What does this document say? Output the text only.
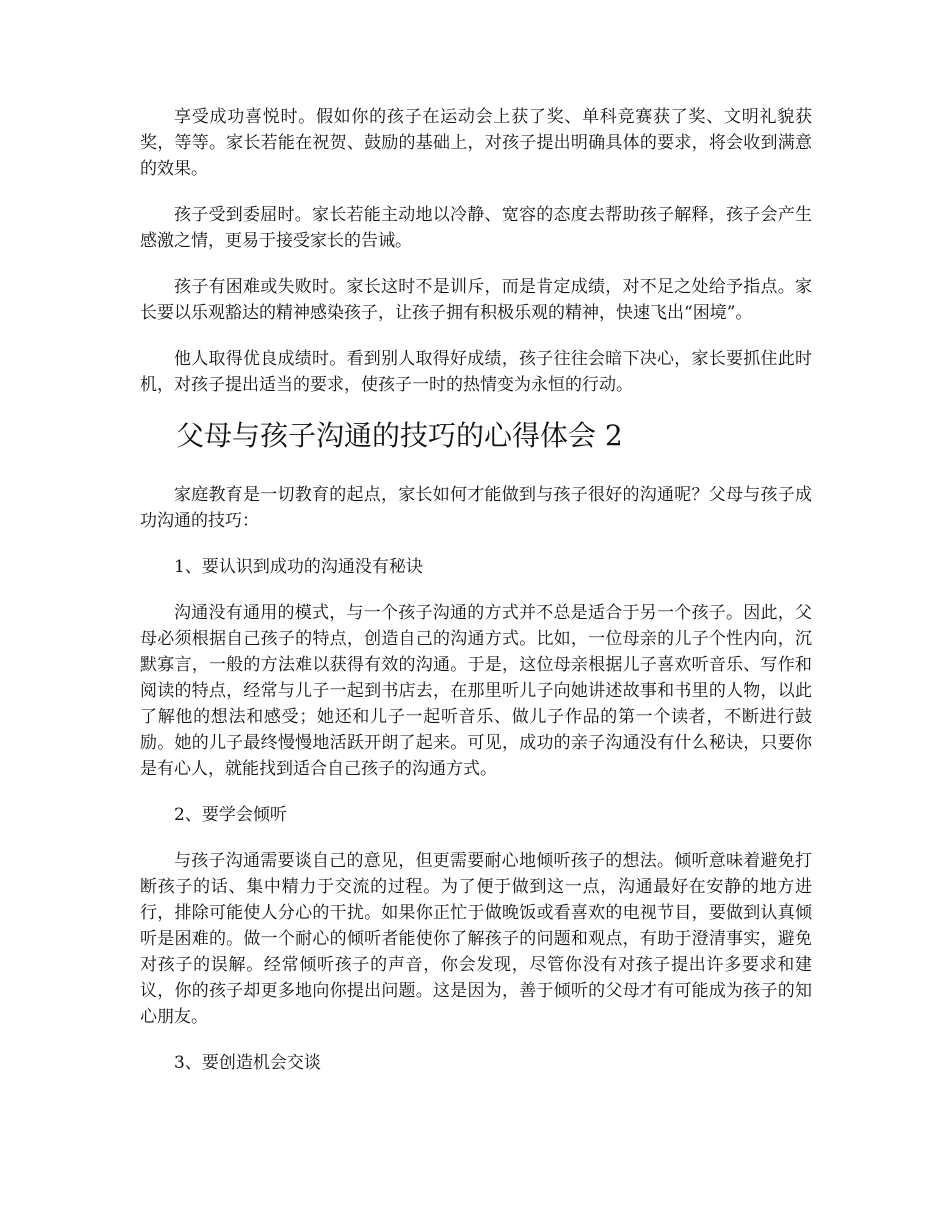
享受成功喜悦时。假如你的孩子在运动会上获了奖、单科竞赛获了奖、文明礼貌获奖，等等。家长若能在祝贺、鼓励的基础上，对孩子提出明确具体的要求，将会收到满意的效果。

孩子受到委屈时。家长若能主动地以冷静、宽容的态度去帮助孩子解释，孩子会产生感激之情，更易于接受家长的告诫。

孩子有困难或失败时。家长这时不是训斥，而是肯定成绩，对不足之处给予指点。家长要以乐观豁达的精神感染孩子，让孩子拥有积极乐观的精神，快速飞出“困境”。

他人取得优良成绩时。看到别人取得好成绩，孩子往往会暗下决心，家长要抓住此时机，对孩子提出适当的要求，使孩子一时的热情变为永恒的行动。

父母与孩子沟通的技巧的心得体会 2

家庭教育是一切教育的起点，家长如何才能做到与孩子很好的沟通呢？父母与孩子成功沟通的技巧：

1、要认识到成功的沟通没有秘诀

沟通没有通用的模式，与一个孩子沟通的方式并不总是适合于另一个孩子。因此，父母必须根据自己孩子的特点，创造自己的沟通方式。比如，一位母亲的儿子个性内向，沉默寡言，一般的方法难以获得有效的沟通。于是，这位母亲根据儿子喜欢听音乐、写作和阅读的特点，经常与儿子一起到书店去，在那里听儿子向她讲述故事和书里的人物，以此了解他的想法和感受；她还和儿子一起听音乐、做儿子作品的第一个读者，不断进行鼓励。她的儿子最终慢慢地活跃开朗了起来。可见，成功的亲子沟通没有什么秘诀，只要你是有心人，就能找到适合自己孩子的沟通方式。

2、要学会倾听

与孩子沟通需要谈自己的意见，但更需要耐心地倾听孩子的想法。倾听意味着避免打断孩子的话、集中精力于交流的过程。为了便于做到这一点，沟通最好在安静的地方进行，排除可能使人分心的干扰。如果你正忙于做晚饭或看喜欢的电视节目，要做到认真倾听是困难的。做一个耐心的倾听者能使你了解孩子的问题和观点，有助于澄清事实，避免对孩子的误解。经常倾听孩子的声音，你会发现，尽管你没有对孩子提出许多要求和建议，你的孩子却更多地向你提出问题。这是因为，善于倾听的父母才有可能成为孩子的知心朋友。

3、要创造机会交谈
